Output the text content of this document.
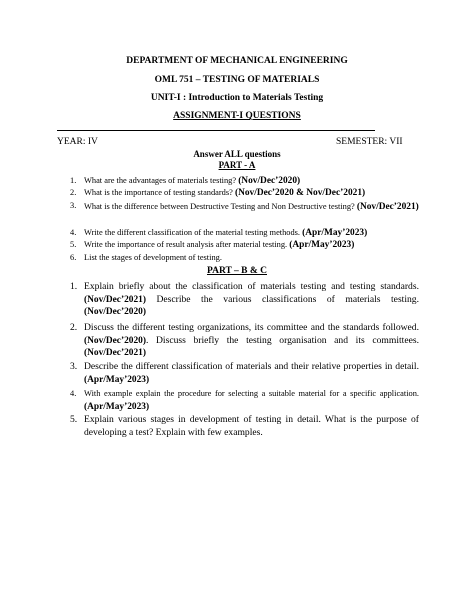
DEPARTMENT OF MECHANICAL ENGINEERING
OML 751 – TESTING OF MATERIALS
UNIT-I : Introduction to Materials Testing
ASSIGNMENT-I QUESTIONS
YEAR: IV	SEMESTER: VII
Answer ALL questions
PART - A
1. What are the advantages of materials testing? (Nov/Dec’2020)
2. What is the importance of testing standards? (Nov/Dec’2020 & Nov/Dec’2021)
3. What is the difference between Destructive Testing and Non Destructive testing? (Nov/Dec’2021)
4. Write the different classification of the material testing methods. (Apr/May’2023)
5. Write the importance of result analysis after material testing. (Apr/May’2023)
6. List the stages of development of testing.
PART – B & C
1. Explain briefly about the classification of materials testing and testing standards. (Nov/Dec’2021) Describe the various classifications of materials testing. (Nov/Dec’2020)
2. Discuss the different testing organizations, its committee and the standards followed. (Nov/Dec’2020). Discuss briefly the testing organisation and its committees. (Nov/Dec’2021)
3. Describe the different classification of materials and their relative properties in detail. (Apr/May’2023)
4. With example explain the procedure for selecting a suitable material for a specific application. (Apr/May’2023)
5. Explain various stages in development of testing in detail. What is the purpose of developing a test? Explain with few examples.
